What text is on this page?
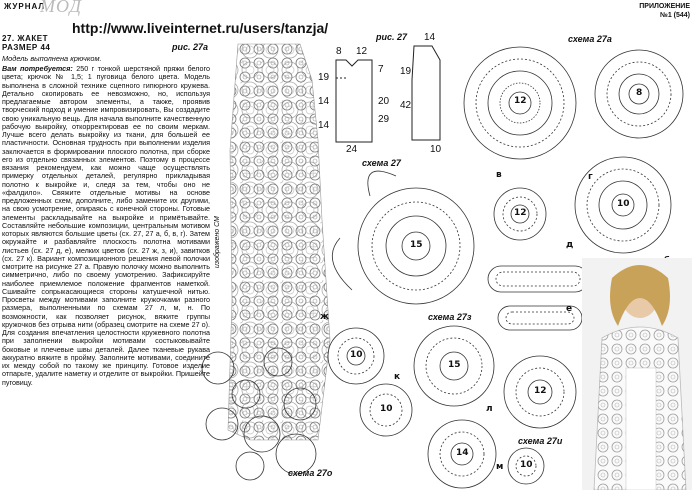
ЖУРНАЛ
МОД	ПРИЛОЖЕНИЕ
№1 (544)
http://www.liveinternet.ru/users/tanzja/
27. ЖАКЕТ
РАЗМЕР 44
Модель выполнена крючком.
Вам потребуется: 250 г тонкой шерстяной пряжи белого цвета; крючок № 1,5; 1 пуговица белого цвета. Модель выполнена в сложной технике сцепного гипюрного кружева. Детально скопировать ее невозможно, но, используя предлагаемые автором элементы, а также, проявив творческий подход и умение импровизировать, Вы создадите свою уникальную вещь. Для начала выполните качественную рабочую выкройку, откорректировав ее по своим меркам. Лучше всего делать выкройку из ткани, для большей ее пластичности. Основная трудность при выполнении изделия заключается в формировании плоского полотна, при сборке его из отдельно связанных элементов. Поэтому в процессе вязания рекомендуем, как можно чаще осуществлять примерку отдельных деталей, регулярно прикладывая полотно к выкройке и, следя за тем, чтобы оно не «фалдило». Свяжите отдельные мотивы на основе предложенных схем, дополните, либо замените их другими, на свою усмотрение, опираясь с конечной стороны. Готовые элементы раскладывайте на выкройке и примётывайте. Составляйте небольшие композиции, центральным мотивом которых являются большие цветы (сх. 27, 27 а, б, в, г). Затем окружайте и разбавляйте плоскость полотна мотивами листьев (сх. 27 д, е), мелких цветов (сх. 27 ж, з, и), завитков (сх. 27 к). Вариант композиционного решения левой полочки смотрите на рисунке 27 а. Правую полочку можно выполнить симметрично, либо по своему усмотрению. Зафиксируйте наиболее приемлемое положение фрагментов наметкой. Сшивайте сопрыкасающиеся стороны катушечной нитью. Просветы между мотивами заполните кружочками разного размера, выполненными по схемам 27 л, м, н. По возможности, как позволяет рисунок, вяжите группы кружочков без отрыва нити (образец смотрите на схеме 27 о). Для создания впечатления целостности кружевного полотна при заполнении выкройки мотивами состыковывайте боковые и плечевые швы деталей. Далее тканевые рукава аккуратно вяжите в пройму. Заполните мотивами, соедините их между собой по такому же принципу. Готовое изделие отпарьте, удалите наметку и отделите от выкройки. Пришейте пуговицу.
рис. 27а
рис. 27	схема 27а
схема 27
схема 27з
схема 27о
схема 27и
изображено СМ
8 12
19
7
14	20
29
24
14
19
42
14
10
12
8
12
15
10
15
12
10
14
10
10
в	г
д
е
ж
к
л
м
